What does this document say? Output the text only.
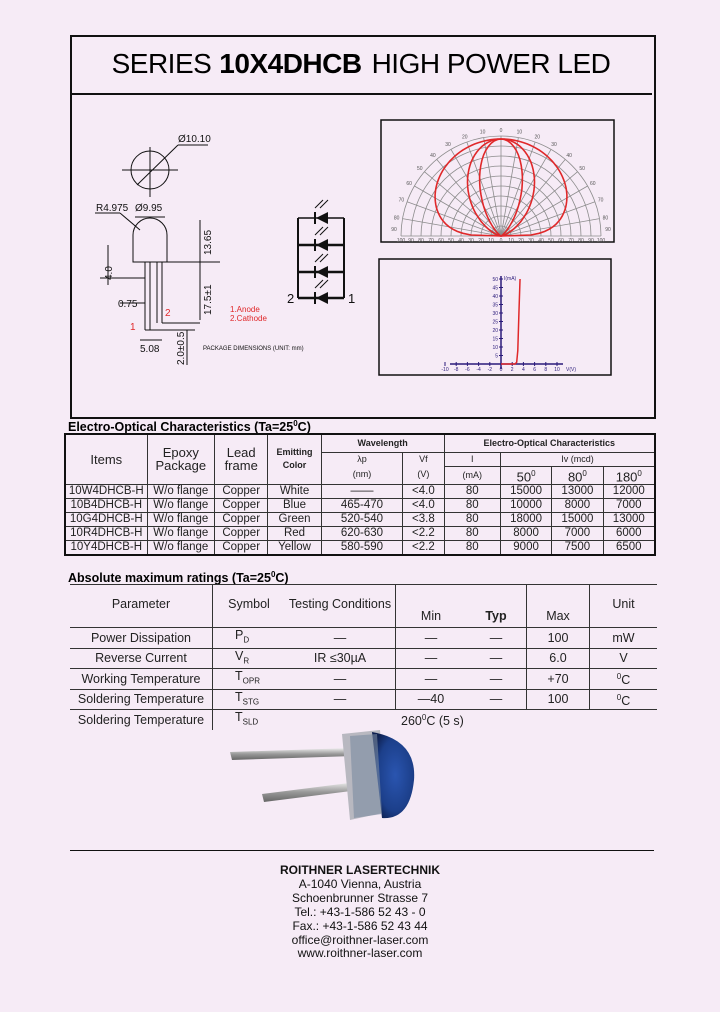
SERIES 10X4DHCB HIGH POWER LED
Ø10.10
R4.975 Ø9.95
13.65
4.0
17.5±1
0.75
5.08 2.0±0.5	PACKAGE DIMENSIONS (UNIT: mm)
1
2	1.Anode
2.Cathode
2	1
100 90 80 70 60 50 40 30 20 10 0 10 20 30 40 50 60 70 80 90 100
0
10	10
20	20
30	30
40	40
50	50
60	60
70	70
80	80
90	90
-10 -8 -6 -4 -2 0 2 4 6 8 10
5
10
15
20
25
30
35
40
45
50 I(mA)
V(V)
Electro-Optical Characteristics $(Ta=25^0C)$
Items	Epoxy Package	Lead frame	Emitting Color	Wavelength		Electro-Optical Characteristics			
				λp	Vf	I	Iv (mcd)		
				(nm)	(V)	(mA)	$50^0$	$80^0$	$180^0$
10W4DHCB-H	W/o flange	Copper	White	——	<4.0	80	15000	13000	12000
10B4DHCB-H	W/o flange	Copper	Blue	465-470	<4.0	80	10000	8000	7000
10G4DHCB-H	W/o flange	Copper	Green	520-540	<3.8	80	18000	15000	13000
10R4DHCB-H	W/o flange	Copper	Red	620-630	<2.2	80	8000	7000	6000
10Y4DHCB-H	W/o flange	Copper	Yellow	580-590	<2.2	80	9000	7500	6500
Absolute maximum ratings $(Ta=25^0C)$
Parameter	Symbol	Testing Conditions	Min	Typ	Max	Unit
Power Dissipation	$P_D$	—	—	—	100	mW
Reverse Current	$V_R$	IR ≤30µA	—	—	6.0	V
Working Temperature	$T_{OPR}$	—	—	—	+70	$^0$C
Soldering Temperature	$T_{STG}$	—	—40	—	100	$^0$C
Soldering Temperature	$T_{SLD}$	$260^0C$ (5 s)				
ROITHNER LASERTECHNIK
A-1040 Vienna, Austria
Schoenbrunner Strasse 7
Tel.: +43-1-586 52 43 - 0
Fax.: +43-1-586 52 43 44
office@roithner-laser.com
www.roithner-laser.com
